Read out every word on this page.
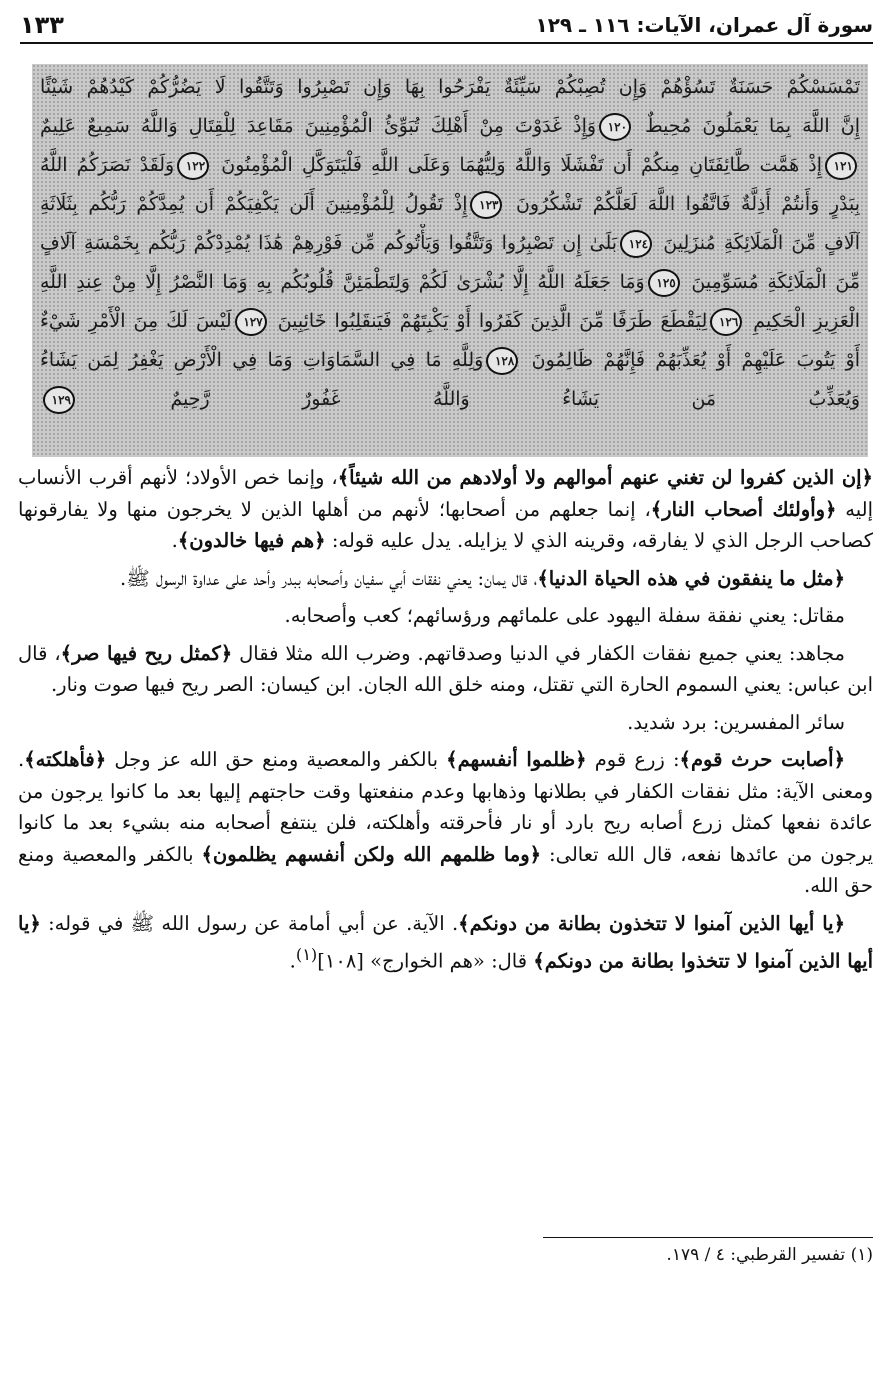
سورة آل عمران، الآيات: ١١٦ ـ ١٢٩
١٣٣
تَمْسَسْكُمْ حَسَنَةٌ تَسُؤْهُمْ وَإِن تُصِبْكُمْ سَيِّئَةٌ يَفْرَحُوا بِهَا وَإِن تَصْبِرُوا وَتَتَّقُوا لَا يَضُرُّكُمْ كَيْدُهُمْ شَيْئًا
إِنَّ اللَّهَ بِمَا يَعْمَلُونَ مُحِيطٌ ١٢٠وَإِذْ غَدَوْتَ مِنْ أَهْلِكَ تُبَوِّئُ الْمُؤْمِنِينَ مَقَاعِدَ لِلْقِتَالِ وَاللَّهُ سَمِيعٌ عَلِيمٌ
١٢١إِذْ هَمَّت طَّائِفَتَانِ مِنكُمْ أَن تَفْشَلَا وَاللَّهُ وَلِيُّهُمَا وَعَلَى اللَّهِ فَلْيَتَوَكَّلِ الْمُؤْمِنُونَ ١٢٢وَلَقَدْ نَصَرَكُمُ اللَّهُ
بِبَدْرٍ وَأَنتُمْ أَذِلَّةٌ فَاتَّقُوا اللَّهَ لَعَلَّكُمْ تَشْكُرُونَ ١٢٣إِذْ تَقُولُ لِلْمُؤْمِنِينَ أَلَن يَكْفِيَكُمْ أَن يُمِدَّكُمْ رَبُّكُم بِثَلَاثَةِ
آلَافٍ مِّنَ الْمَلَائِكَةِ مُنزَلِينَ ١٢٤بَلَىٰ إِن تَصْبِرُوا وَتَتَّقُوا وَيَأْتُوكُم مِّن فَوْرِهِمْ هَٰذَا يُمْدِدْكُمْ رَبُّكُم بِخَمْسَةِ آلَافٍ
مِّنَ الْمَلَائِكَةِ مُسَوِّمِينَ ١٢٥وَمَا جَعَلَهُ اللَّهُ إِلَّا بُشْرَىٰ لَكُمْ وَلِتَطْمَئِنَّ قُلُوبُكُم بِهِ وَمَا النَّصْرُ إِلَّا مِنْ عِندِ اللَّهِ
الْعَزِيزِ الْحَكِيمِ ١٢٦لِيَقْطَعَ طَرَفًا مِّنَ الَّذِينَ كَفَرُوا أَوْ يَكْبِتَهُمْ فَيَنقَلِبُوا خَائِبِينَ ١٢٧لَيْسَ لَكَ مِنَ الْأَمْرِ شَيْءٌ
أَوْ يَتُوبَ عَلَيْهِمْ أَوْ يُعَذِّبَهُمْ فَإِنَّهُمْ ظَالِمُونَ ١٢٨وَلِلَّهِ مَا فِي السَّمَاوَاتِ وَمَا فِي الْأَرْضِ يَغْفِرُ لِمَن يَشَاءُ
وَيُعَذِّبُ مَن يَشَاءُ وَاللَّهُ غَفُورٌ رَّحِيمٌ ١٢٩

﴿إن الذين كفروا لن تغني عنهم أموالهم ولا أولادهم من الله شيئاً﴾، وإنما خص الأولاد؛ لأنهم أقرب الأنساب إليه ﴿وأولئك أصحاب النار﴾، إنما جعلهم من أصحابها؛ لأنهم من أهلها الذين لا يخرجون منها ولا يفارقونها كصاحب الرجل الذي لا يفارقه، وقرينه الذي لا يزايله. يدل عليه قوله: ﴿هم فيها خالدون﴾.

﴿مثل ما ينفقون في هذه الحياة الدنيا﴾، قال يمان: يعني نفقات أبي سفيان وأصحابه ببدر وأحد على عداوة الرسول ﷺ.

مقاتل: يعني نفقة سفلة اليهود على علمائهم ورؤسائهم؛ كعب وأصحابه.

مجاهد: يعني جميع نفقات الكفار في الدنيا وصدقاتهم. وضرب الله مثلا فقال ﴿كمثل ريح فيها صر﴾، قال ابن عباس: يعني السموم الحارة التي تقتل، ومنه خلق الله الجان. ابن كيسان: الصر ريح فيها صوت ونار.

سائر المفسرين: برد شديد.

﴿أصابت حرث قوم﴾: زرع قوم ﴿ظلموا أنفسهم﴾ بالكفر والمعصية ومنع حق الله عز وجل ﴿فأهلكته﴾. ومعنى الآية: مثل نفقات الكفار في بطلانها وذهابها وعدم منفعتها وقت حاجتهم إليها بعد ما كانوا يرجون من عائدة نفعها كمثل زرع أصابه ريح بارد أو نار فأحرقته وأهلكته، فلن ينتفع أصحابه منه بشيء بعد ما كانوا يرجون من عائدها نفعه، قال الله تعالى: ﴿وما ظلمهم الله ولكن أنفسهم يظلمون﴾ بالكفر والمعصية ومنع حق الله.

﴿يا أيها الذين آمنوا لا تتخذون بطانة من دونكم﴾. الآية. عن أبي أمامة عن رسول الله ﷺ في قوله: ﴿يا أيها الذين آمنوا لا تتخذوا بطانة من دونكم﴾ قال: «هم الخوارج» [١٠٨]$^{(١)}$.

(١) تفسير القرطبي: ٤ / ١٧٩.
